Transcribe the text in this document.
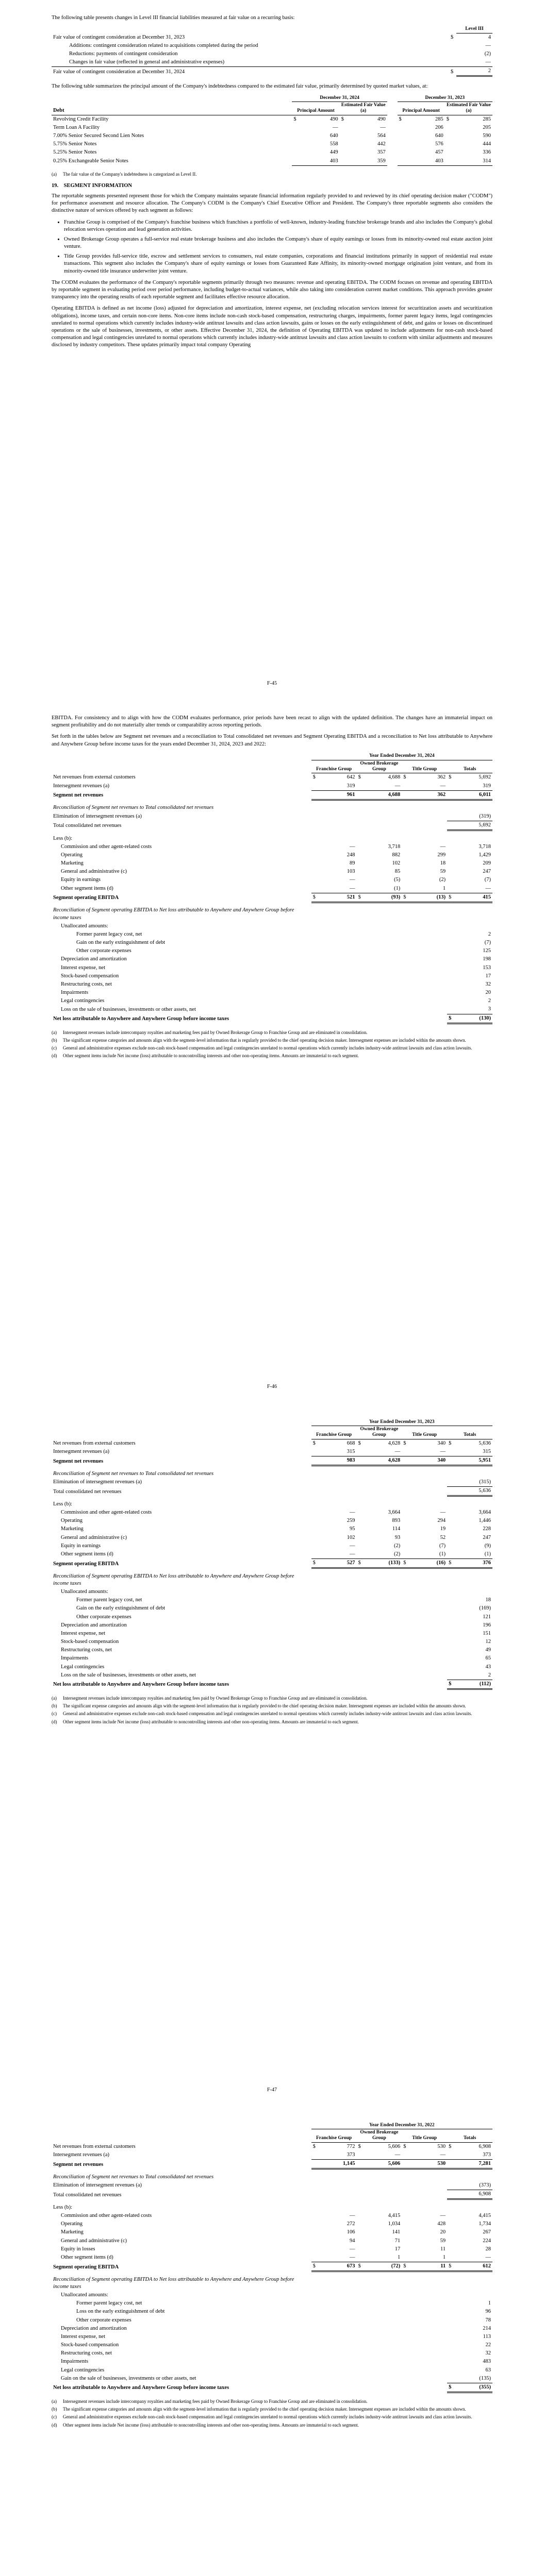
The following table presents changes in Level III financial liabilities measured at fair value on a recurring basis:

		Level III
Fair value of contingent consideration at December 31, 2023	$	4
Additions: contingent consideration related to acquisitions completed during the period		—
Reductions: payments of contingent consideration		(2)
Changes in fair value (reflected in general and administrative expenses)		—
Fair value of contingent consideration at December 31, 2024	$	2

The following table summarizes the principal amount of the Company's indebtedness compared to the estimated fair value, primarily determined by quoted market values, at:

	December 31, 2024					December 31, 2023			
Debt	Principal Amount		Estimated Fair Value (a)			Principal Amount		Estimated Fair Value (a)	
Revolving Credit Facility	$	490	$	490		$	285	$	285
Term Loan A Facility		—		—			206		205
7.00% Senior Secured Second Lien Notes		640		564			640		590
5.75% Senior Notes		558		442			576		444
5.25% Senior Notes		449		357			457		336
0.25% Exchangeable Senior Notes		403		359			403		314
(a)	The fair value of the Company's indebtedness is categorized as Level II.
19. SEGMENT INFORMATION

The reportable segments presented represent those for which the Company maintains separate financial information regularly provided to and reviewed by its chief operating decision maker ("CODM") for performance assessment and resource allocation. The Company's CODM is the Company's Chief Executive Officer and President. The Company's three reportable segments also considers the distinctive nature of services offered by each segment as follows:

• Franchise Group is comprised of the Company's franchise business which franchises a portfolio of well-known, industry-leading franchise brokerage brands and also includes the Company's global relocation services operation and lead generation activities.
• Owned Brokerage Group operates a full-service real estate brokerage business and also includes the Company's share of equity earnings or losses from its minority-owned real estate auction joint venture.
• Title Group provides full-service title, escrow and settlement services to consumers, real estate companies, corporations and financial institutions primarily in support of residential real estate transactions. This segment also includes the Company's share of equity earnings or losses from Guaranteed Rate Affinity, its minority-owned mortgage origination joint venture, and from its minority-owned title insurance underwriter joint venture.

The CODM evaluates the performance of the Company's reportable segments primarily through two measures: revenue and operating EBITDA. The CODM focuses on revenue and operating EBITDA by reportable segment in evaluating period over period performance, including budget-to-actual variances, while also taking into consideration current market conditions. This approach provides greater transparency into the operating results of each reportable segment and facilitates effective resource allocation.

Operating EBITDA is defined as net income (loss) adjusted for depreciation and amortization, interest expense, net (excluding relocation services interest for securitization assets and securitization obligations), income taxes, and certain non-core items. Non-core items include non-cash stock-based compensation, restructuring charges, impairments, former parent legacy items, legal contingencies unrelated to normal operations which currently includes industry-wide antitrust lawsuits and class action lawsuits, gains or losses on the early extinguishment of debt, and gains or losses on discontinued operations or the sale of businesses, investments, or other assets. Effective December 31, 2024, the definition of Operating EBITDA was updated to include adjustments for non-cash stock-based compensation and legal contingencies unrelated to normal operations which currently includes industry-wide antitrust lawsuits and class action lawsuits to conform with similar adjustments and measures disclosed by industry competitors. These updates primarily impact total company Operating

F-45

EBITDA. For consistency and to align with how the CODM evaluates performance, prior periods have been recast to align with the updated definition. The changes have an immaterial impact on segment profitability and do not materially alter trends or comparability across reporting periods.

Set forth in the tables below are Segment net revenues and a reconciliation to Total consolidated net revenues and Segment Operating EBITDA and a reconciliation to Net loss attributable to Anywhere and Anywhere Group before income taxes for the years ended December 31, 2024, 2023 and 2022:

	Year Ended December 31, 2024							
	Franchise Group		Owned Brokerage Group		Title Group		Totals	
Net revenues from external customers	$	642	$	4,688	$	362	$	5,692
Intersegment revenues (a)		319		—		—		319
Segment net revenues		961		4,688		362		6,011

Reconciliation of Segment net revenues to Total consolidated net revenues								
Elimination of intersegment revenues (a)								(319)
Total consolidated net revenues								5,692

Less (b):								
Commission and other agent-related costs		—		3,718		—		3,718
Operating		248		882		299		1,429
Marketing		89		102		18		209
General and administrative (c)		103		85		59		247
Equity in earnings		—		(5)		(2)		(7)
Other segment items (d)		—		(1)		1		—
Segment operating EBITDA	$	521	$	(93)	$	(13)	$	415

Reconciliation of Segment operating EBITDA to Net loss attributable to Anywhere and Anywhere Group before income taxes								
Unallocated amounts:								
Former parent legacy cost, net								2
Gain on the early extinguishment of debt								(7)
Other corporate expenses								125
Depreciation and amortization								198
Interest expense, net								153
Stock-based compensation								17
Restructuring costs, net								32
Impairments								20
Legal contingencies								2
Loss on the sale of businesses, investments or other assets, net								3
Net loss attributable to Anywhere and Anywhere Group before income taxes							$	(130)
(a)	Intersegment revenues include intercompany royalties and marketing fees paid by Owned Brokerage Group to Franchise Group and are eliminated in consolidation.
(b)	The significant expense categories and amounts align with the segment-level information that is regularly provided to the chief operating decision maker. Intersegment expenses are included within the amounts shown.
(c)	General and administrative expenses exclude non-cash stock-based compensation and legal contingencies unrelated to normal operations which currently includes industry-wide antitrust lawsuits and class action lawsuits.
(d)	Other segment items include Net income (loss) attributable to noncontrolling interests and other non-operating items. Amounts are immaterial to each segment.
F-46
	Year Ended December 31, 2023							
	Franchise Group		Owned Brokerage Group		Title Group		Totals	
Net revenues from external customers	$	668	$	4,628	$	340	$	5,636
Intersegment revenues (a)		315		—		—		315
Segment net revenues		983		4,628		340		5,951

Reconciliation of Segment net revenues to Total consolidated net revenues								
Elimination of intersegment revenues (a)								(315)
Total consolidated net revenues								5,636

Less (b):								
Commission and other agent-related costs		—		3,664		—		3,664
Operating		259		893		294		1,446
Marketing		95		114		19		228
General and administrative (c)		102		93		52		247
Equity in earnings		—		(2)		(7)		(9)
Other segment items (d)		—		(2)		(1)		(1)
Segment operating EBITDA	$	527	$	(133)	$	(16)	$	376

Reconciliation of Segment operating EBITDA to Net loss attributable to Anywhere and Anywhere Group before income taxes								
Unallocated amounts:								
Former parent legacy cost, net								18
Gain on the early extinguishment of debt								(169)
Other corporate expenses								121
Depreciation and amortization								196
Interest expense, net								151
Stock-based compensation								12
Restructuring costs, net								49
Impairments								65
Legal contingencies								43
Loss on the sale of businesses, investments or other assets, net								2
Net loss attributable to Anywhere and Anywhere Group before income taxes							$	(112)
(a)	Intersegment revenues include intercompany royalties and marketing fees paid by Owned Brokerage Group to Franchise Group and are eliminated in consolidation.
(b)	The significant expense categories and amounts align with the segment-level information that is regularly provided to the chief operating decision maker. Intersegment expenses are included within the amounts shown.
(c)	General and administrative expenses exclude non-cash stock-based compensation and legal contingencies unrelated to normal operations which currently includes industry-wide antitrust lawsuits and class action lawsuits.
(d)	Other segment items include Net income (loss) attributable to noncontrolling interests and other non-operating items. Amounts are immaterial to each segment.
F-47
	Year Ended December 31, 2022							
	Franchise Group		Owned Brokerage Group		Title Group		Totals	
Net revenues from external customers	$	772	$	5,606	$	530	$	6,908
Intersegment revenues (a)		373		—		—		373
Segment net revenues		1,145		5,606		530		7,281

Reconciliation of Segment net revenues to Total consolidated net revenues								
Elimination of intersegment revenues (a)								(373)
Total consolidated net revenues								6,908

Less (b):								
Commission and other agent-related costs		—		4,415		—		4,415
Operating		272		1,034		428		1,734
Marketing		106		141		20		267
General and administrative (c)		94		71		59		224
Equity in losses		—		17		11		28
Other segment items (d)		—		1		1		—
Segment operating EBITDA	$	673	$	(72)	$	11	$	612

Reconciliation of Segment operating EBITDA to Net loss attributable to Anywhere and Anywhere Group before income taxes								
Unallocated amounts:								
Former parent legacy cost, net								1
Loss on the early extinguishment of debt								96
Other corporate expenses								78
Depreciation and amortization								214
Interest expense, net								113
Stock-based compensation								22
Restructuring costs, net								32
Impairments								483
Legal contingencies								63
Gain on the sale of businesses, investments or other assets, net								(135)
Net loss attributable to Anywhere and Anywhere Group before income taxes							$	(355)
(a)	Intersegment revenues include intercompany royalties and marketing fees paid by Owned Brokerage Group to Franchise Group and are eliminated in consolidation.
(b)	The significant expense categories and amounts align with the segment-level information that is regularly provided to the chief operating decision maker. Intersegment expenses are included within the amounts shown.
(c)	General and administrative expenses exclude non-cash stock-based compensation and legal contingencies unrelated to normal operations which currently includes industry-wide antitrust lawsuits and class action lawsuits.
(d)	Other segment items include Net income (loss) attributable to noncontrolling interests and other non-operating items. Amounts are immaterial to each segment.
